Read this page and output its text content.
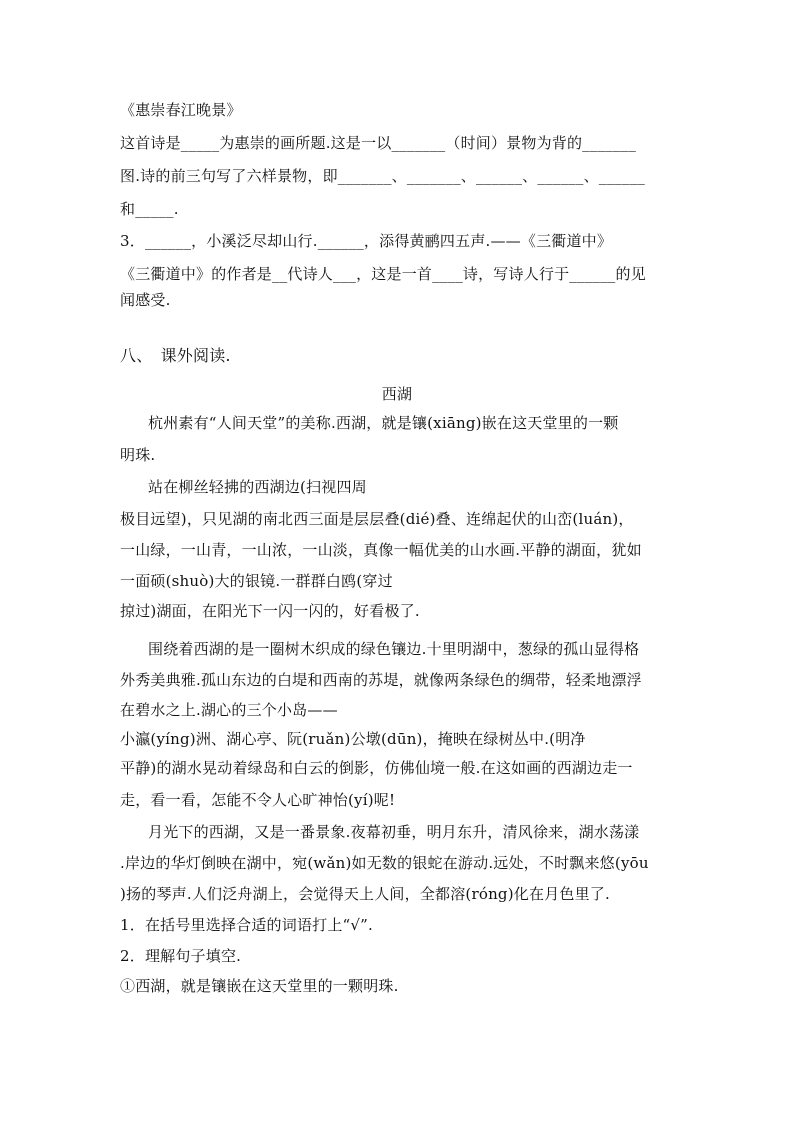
《惠崇春江晚景》
这首诗是_____为惠崇的画所题.这是一以_______（时间）景物为背的_______
图.诗的前三句写了六样景物，即_______、_______、______、______、______
和_____.
3．______，小溪泛尽却山行.______，添得黄鹂四五声.——《三衢道中》
《三衢道中》的作者是__代诗人___，这是一首____诗，写诗人行于______的见
闻感受.
八、　课外阅读.
西湖
杭州素有“人间天堂”的美称.西湖，就是镶(xiāng)嵌在这天堂里的一颗
明珠.
站在柳丝轻拂的西湖边(扫视四周
极目远望)，只见湖的南北西三面是层层叠(dié)叠、连绵起伏的山峦(luán)，
一山绿，一山青，一山浓，一山淡，真像一幅优美的山水画.平静的湖面，犹如
一面硕(shuò)大的银镜.一群群白鸥(穿过
掠过)湖面，在阳光下一闪一闪的，好看极了.
围绕着西湖的是一圈树木织成的绿色镶边.十里明湖中，葱绿的孤山显得格
外秀美典雅.孤山东边的白堤和西南的苏堤，就像两条绿色的绸带，轻柔地漂浮
在碧水之上.湖心的三个小岛——
小瀛(yíng)洲、湖心亭、阮(ruǎn)公墩(dūn)，掩映在绿树丛中.(明净
平静)的湖水晃动着绿岛和白云的倒影，仿佛仙境一般.在这如画的西湖边走一
走，看一看，怎能不令人心旷神怡(yí)呢!
月光下的西湖，又是一番景象.夜幕初垂，明月东升，清风徐来，湖水荡漾
.岸边的华灯倒映在湖中，宛(wǎn)如无数的银蛇在游动.远处，不时飘来悠(yōu
)扬的琴声.人们泛舟湖上，会觉得天上人间，全都溶(róng)化在月色里了.
1．在括号里选择合适的词语打上“√”.
2．理解句子填空.
①西湖，就是镶嵌在这天堂里的一颗明珠.
